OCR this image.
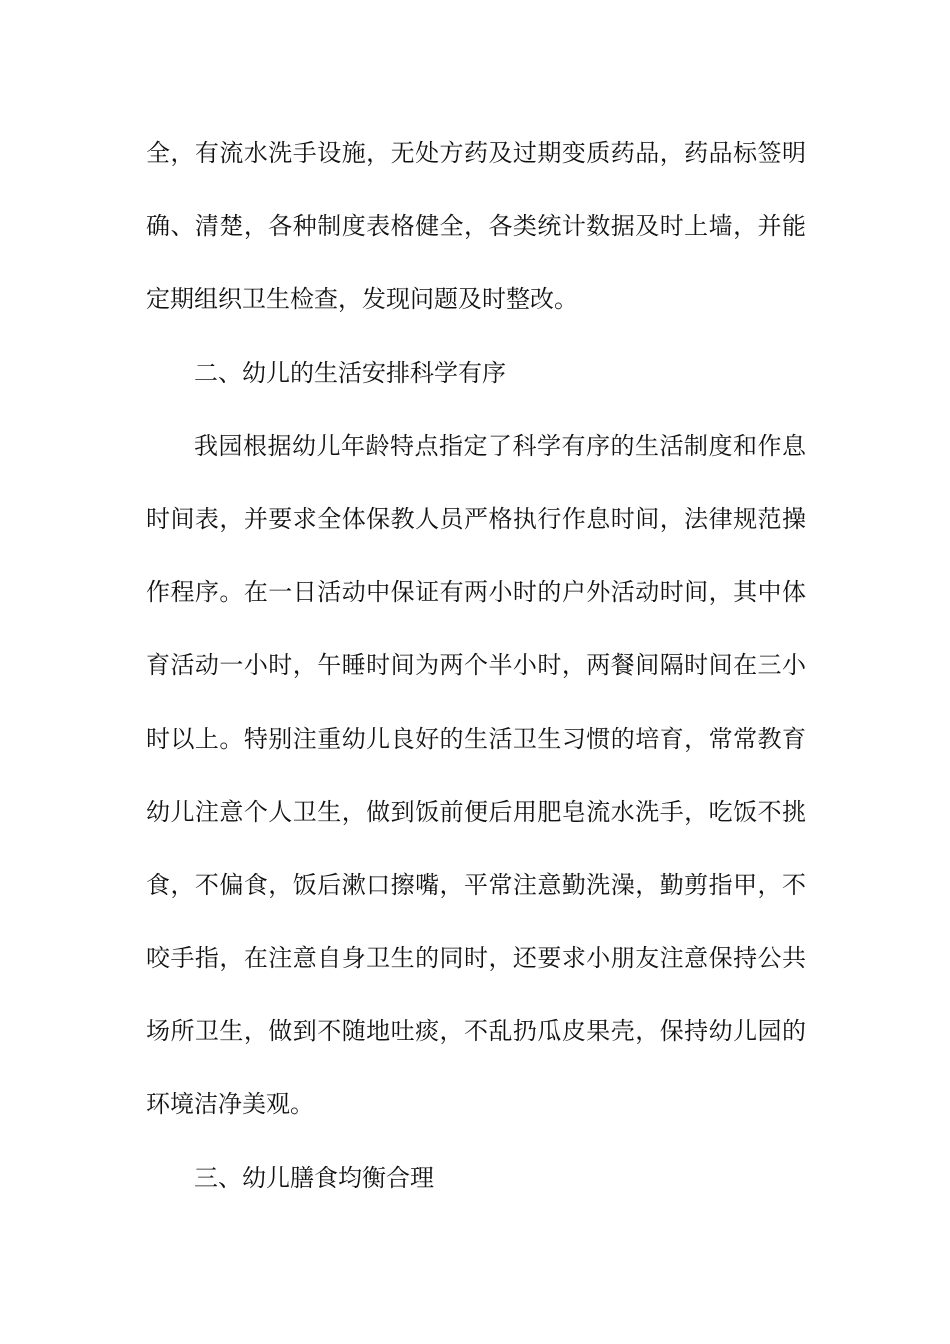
全，有流水洗手设施，无处方药及过期变质药品，药品标签明
确、清楚，各种制度表格健全，各类统计数据及时上墙，并能
定期组织卫生检查，发现问题及时整改。
二、幼儿的生活安排科学有序
我园根据幼儿年龄特点指定了科学有序的生活制度和作息
时间表，并要求全体保教人员严格执行作息时间，法律规范操
作程序。在一日活动中保证有两小时的户外活动时间，其中体
育活动一小时，午睡时间为两个半小时，两餐间隔时间在三小
时以上。特别注重幼儿良好的生活卫生习惯的培育，常常教育
幼儿注意个人卫生，做到饭前便后用肥皂流水洗手，吃饭不挑
食，不偏食，饭后漱口擦嘴，平常注意勤洗澡，勤剪指甲，不
咬手指，在注意自身卫生的同时，还要求小朋友注意保持公共
场所卫生，做到不随地吐痰，不乱扔瓜皮果壳，保持幼儿园的
环境洁净美观。
三、幼儿膳食均衡合理
